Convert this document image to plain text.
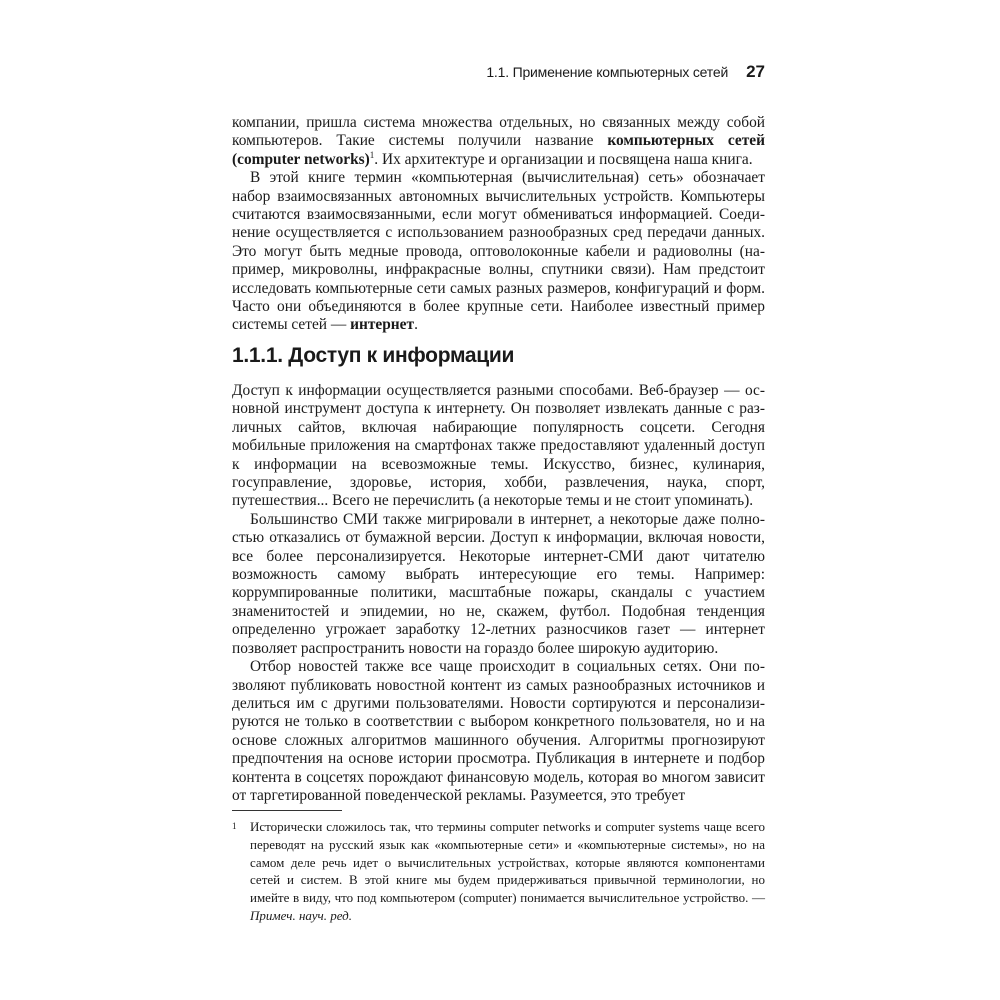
1.1. Применение компьютерных сетей 27

компании, пришла система множества отдельных, но связанных между собой компьютеров. Такие системы получили название компьютерных сетей (computer networks)$^1$. Их архитектуре и организации и посвящена наша книга.

В этой книге термин «компьютерная (вычислительная) сеть» обозначает набор взаимосвязанных автономных вычислительных устройств. Компьютеры считаются взаимосвязанными, если могут обмениваться информацией. Соединение осуществляется с использованием разнообразных сред передачи данных. Это могут быть медные провода, оптоволоконные кабели и радиоволны (например, микроволны, инфракрасные волны, спутники связи). Нам предстоит исследовать компьютерные сети самых разных размеров, конфигураций и форм. Часто они объединяются в более крупные сети. Наиболее известный пример системы сетей — интернет.

1.1.1. Доступ к информации

Доступ к информации осуществляется разными способами. Веб-браузер — основной инструмент доступа к интернету. Он позволяет извлекать данные с различных сайтов, включая набирающие популярность соцсети. Сегодня мобильные приложения на смартфонах также предоставляют удаленный доступ к информации на всевозможные темы. Искусство, бизнес, кулинария, госуправление, здоровье, история, хобби, развлечения, наука, спорт, путешествия... Всего не перечислить (а некоторые темы и не стоит упоминать).

Большинство СМИ также мигрировали в интернет, а некоторые даже полностью отказались от бумажной версии. Доступ к информации, включая новости, все более персонализируется. Некоторые интернет-СМИ дают читателю возможность самому выбрать интересующие его темы. Например: коррумпированные политики, масштабные пожары, скандалы с участием знаменитостей и эпидемии, но не, скажем, футбол. Подобная тенденция определенно угрожает заработку 12-летних разносчиков газет — интернет позволяет распространить новости на гораздо более широкую аудиторию.

Отбор новостей также все чаще происходит в социальных сетях. Они позволяют публиковать новостной контент из самых разнообразных источников и делиться им с другими пользователями. Новости сортируются и персонализируются не только в соответствии с выбором конкретного пользователя, но и на основе сложных алгоритмов машинного обучения. Алгоритмы прогнозируют предпочтения на основе истории просмотра. Публикация в интернете и подбор контента в соцсетях порождают финансовую модель, которая во многом зависит от таргетированной поведенческой рекламы. Разумеется, это требует

1 Исторически сложилось так, что термины computer networks и computer systems чаще всего переводят на русский язык как «компьютерные сети» и «компьютерные системы», но на самом деле речь идет о вычислительных устройствах, которые являются компонентами сетей и систем. В этой книге мы будем придерживаться привычной терминологии, но имейте в виду, что под компьютером (computer) понимается вычислительное устройство. — Примеч. науч. ред.
